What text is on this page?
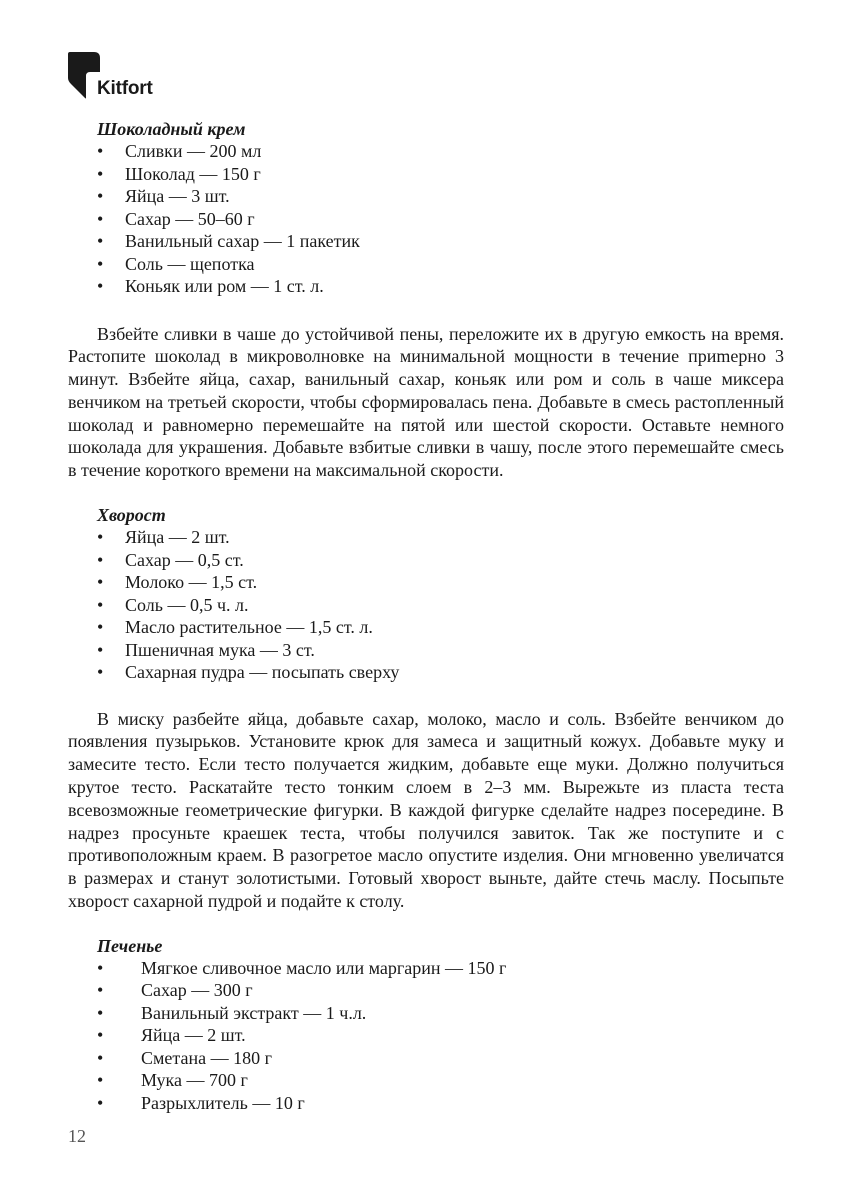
Kitfort
Шоколадный крем
• Сливки — 200 мл
• Шоколад — 150 г
• Яйца — 3 шт.
• Сахар — 50–60 г
• Ванильный сахар — 1 пакетик
• Соль — щепотка
• Коньяк или ром — 1 ст. л.

Взбейте сливки в чаше до устойчивой пены, переложите их в другую емкость на время. Растопите шоколад в микроволновке на минимальной мощности в течение приmерно 3 минут. Взбейте яйца, сахар, ванильный сахар, коньяк или ром и соль в чаше миксера венчиком на третьей скорости, чтобы сформировалась пена. Добавьте в смесь растопленный шоколад и равномерно перемешайте на пятой или шестой скорости. Оставьте немного шоколада для украшения. Добавьте взбитые сливки в чашу, после этого перемешайте смесь в течение короткого времени на максимальной скорости.

Хворост
• Яйца — 2 шт.
• Сахар — 0,5 ст.
• Молоко — 1,5 ст.
• Соль — 0,5 ч. л.
• Масло растительное — 1,5 ст. л.
• Пшеничная мука — 3 ст.
• Сахарная пудра — посыпать сверху

В миску разбейте яйца, добавьте сахар, молоко, масло и соль. Взбейте венчиком до появления пузырьков. Установите крюк для замеса и защитный кожух. Добавьте муку и замесите тесто. Если тесто получается жидким, добавьте еще муки. Должно получиться крутое тесто. Раскатайте тесто тонким слоем в 2–3 мм. Вырежьте из пласта теста всевозможные геометрические фигурки. В каждой фигурке сделайте надрез посередине. В надрез просуньте краешек теста, чтобы получился завиток. Так же поступите и с противоположным краем. В разогретое масло опустите изделия. Они мгновенно увеличатся в размерах и станут золотистыми. Готовый хворост выньте, дайте стечь маслу. Посыпьте хворост сахарной пудрой и подайте к столу.

Печенье
• Мягкое сливочное масло или маргарин — 150 г
• Сахар — 300 г
• Ванильный экстракт — 1 ч.л.
• Яйца — 2 шт.
• Сметана — 180 г
• Мука — 700 г
• Разрыхлитель — 10 г
12
